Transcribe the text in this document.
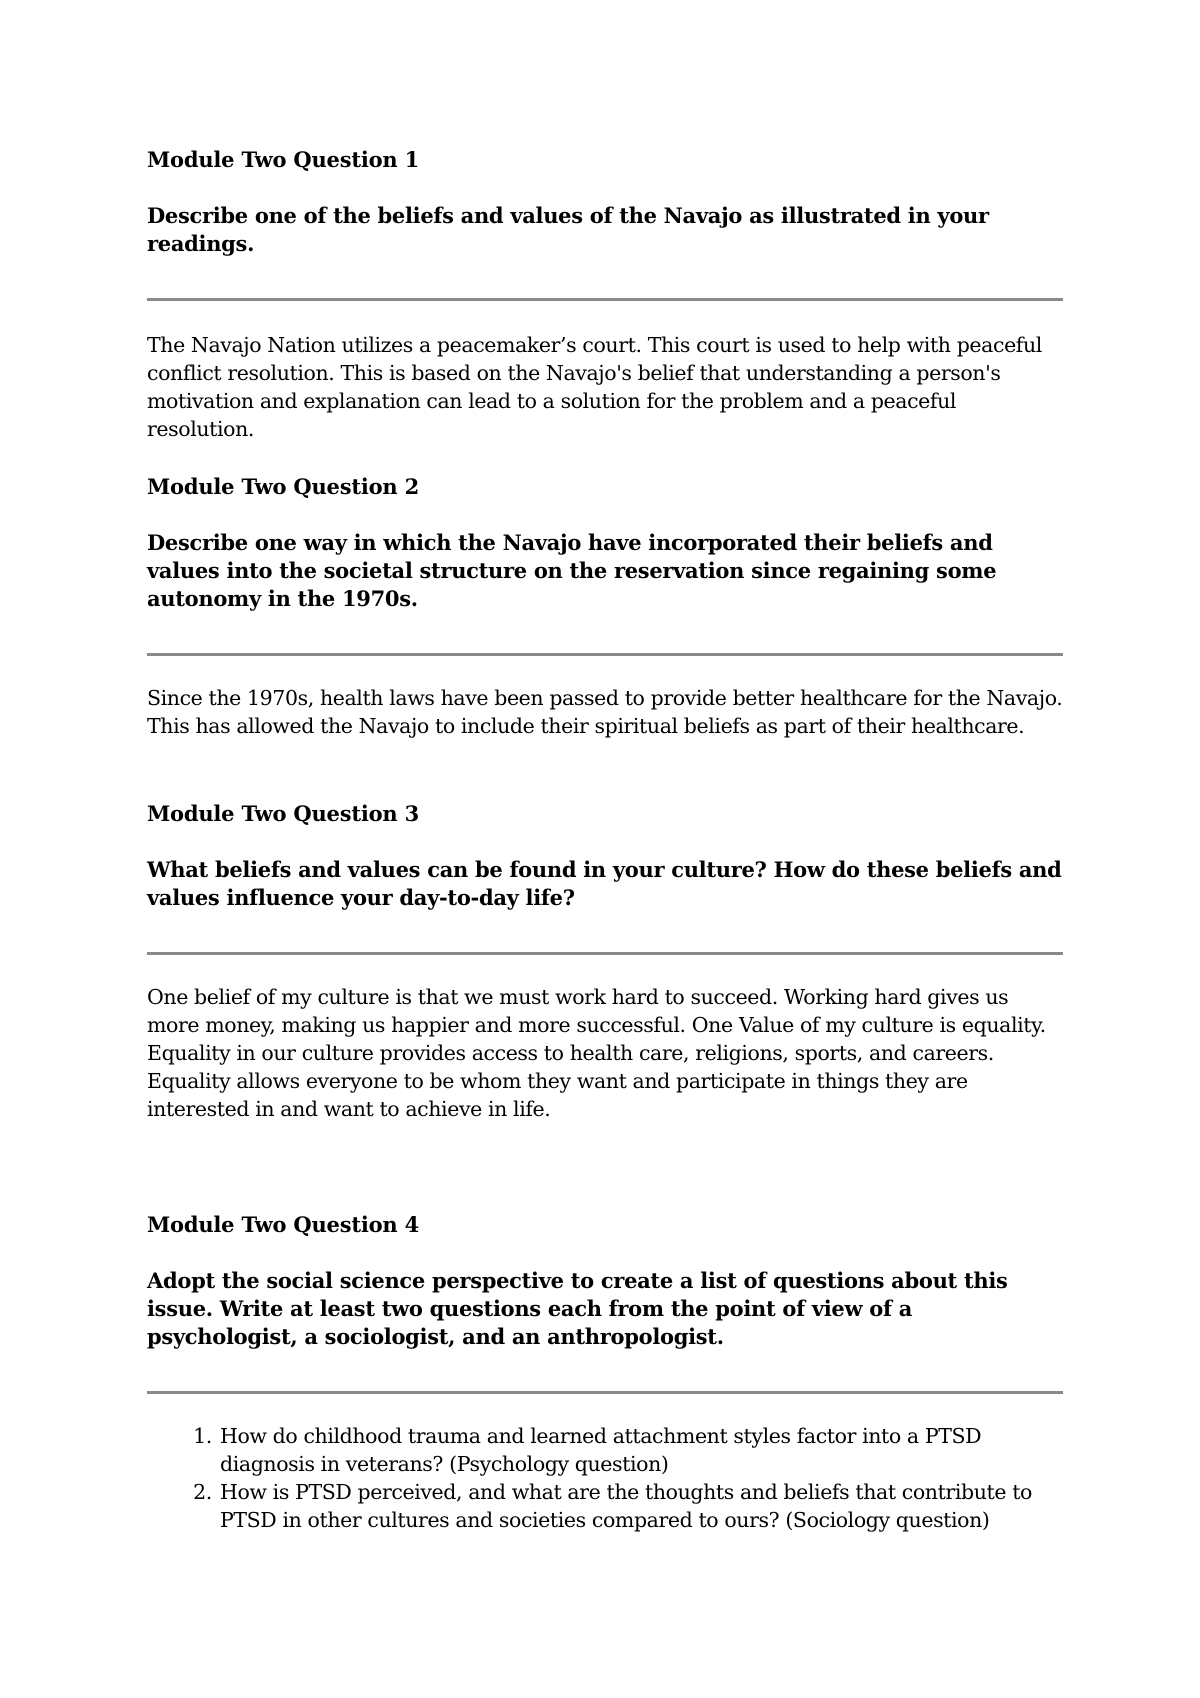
Module Two Question 1

Describe one of the beliefs and values of the Navajo as illustrated in your readings.

The Navajo Nation utilizes a peacemaker’s court. This court is used to help with peaceful conflict resolution. This is based on the Navajo's belief that understanding a person's motivation and explanation can lead to a solution for the problem and a peaceful resolution.

Module Two Question 2

Describe one way in which the Navajo have incorporated their beliefs and values into the societal structure on the reservation since regaining some autonomy in the 1970s.

Since the 1970s, health laws have been passed to provide better healthcare for the Navajo. This has allowed the Navajo to include their spiritual beliefs as part of their healthcare.

Module Two Question 3

What beliefs and values can be found in your culture? How do these beliefs and values influence your day-to-day life?

One belief of my culture is that we must work hard to succeed. Working hard gives us more money, making us happier and more successful. One Value of my culture is equality. Equality in our culture provides access to health care, religions, sports, and careers. Equality allows everyone to be whom they want and participate in things they are interested in and want to achieve in life.

Module Two Question 4

Adopt the social science perspective to create a list of questions about this issue. Write at least two questions each from the point of view of a psychologist, a sociologist, and an anthropologist.

1. How do childhood trauma and learned attachment styles factor into a PTSD diagnosis in veterans? (Psychology question)
2. How is PTSD perceived, and what are the thoughts and beliefs that contribute to PTSD in other cultures and societies compared to ours? (Sociology question)
